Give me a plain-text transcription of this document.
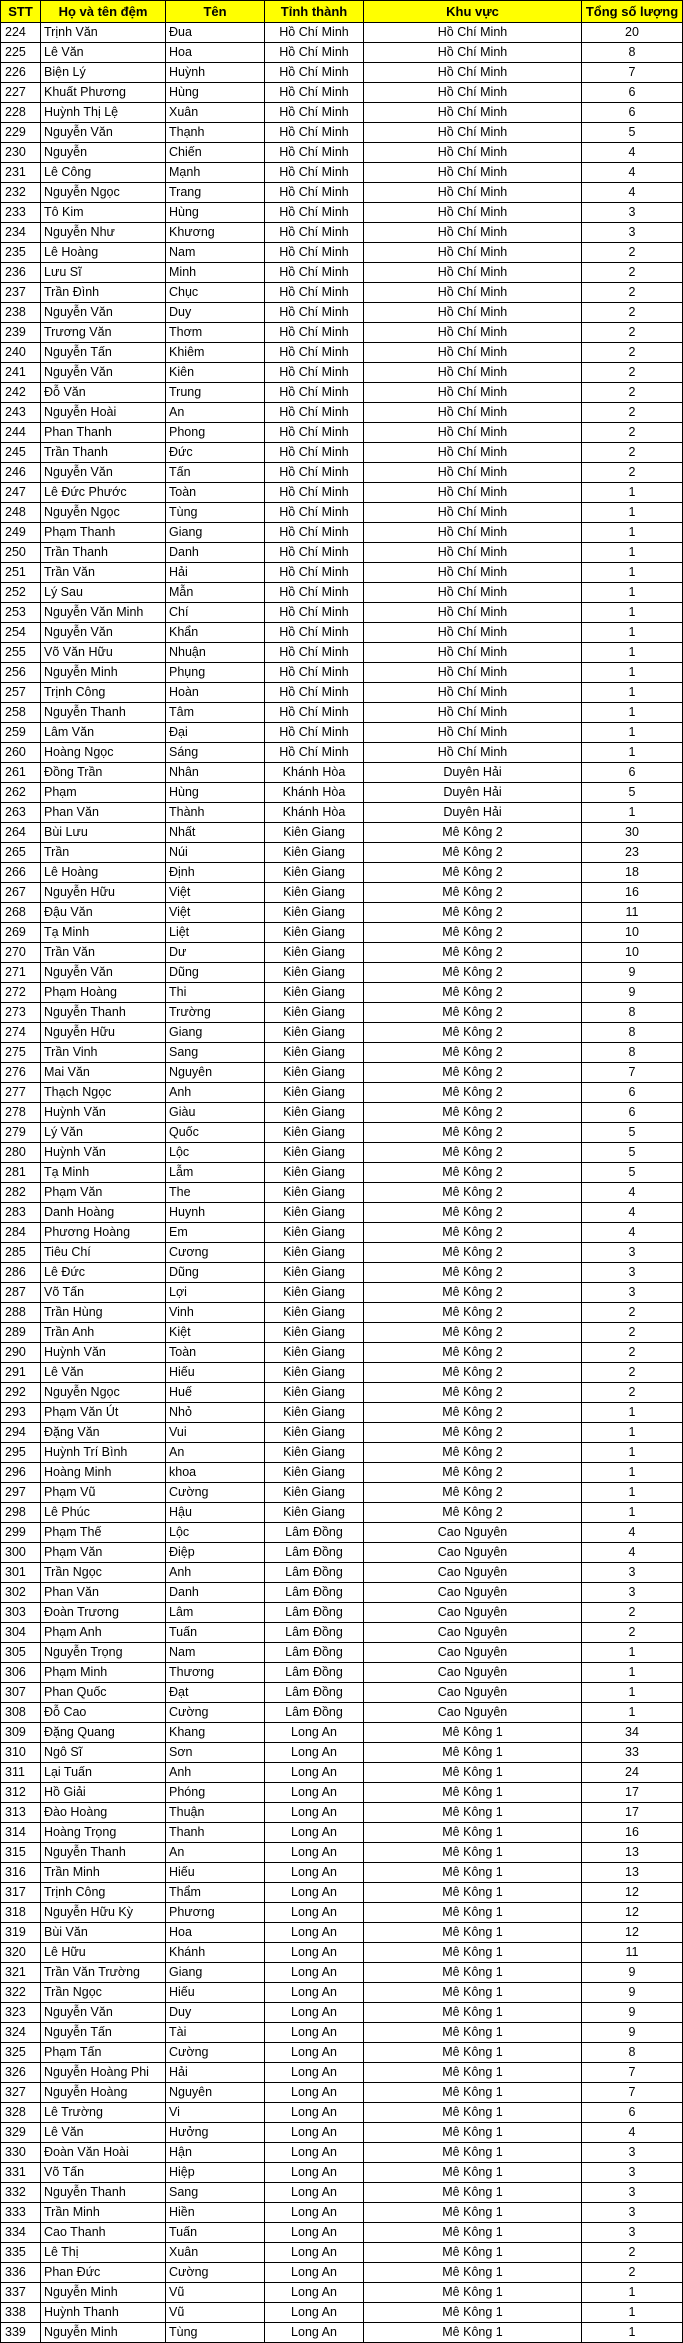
STT	Họ và tên đệm	Tên	Tỉnh thành	Khu vực	Tổng số lượng
224	Trịnh Văn	Đua	Hồ Chí Minh	Hồ Chí Minh	20
225	Lê Văn	Hoa	Hồ Chí Minh	Hồ Chí Minh	8
226	Biện Lý	Huỳnh	Hồ Chí Minh	Hồ Chí Minh	7
227	Khuất Phương	Hùng	Hồ Chí Minh	Hồ Chí Minh	6
228	Huỳnh Thị Lệ	Xuân	Hồ Chí Minh	Hồ Chí Minh	6
229	Nguyễn Văn	Thạnh	Hồ Chí Minh	Hồ Chí Minh	5
230	Nguyễn	Chiến	Hồ Chí Minh	Hồ Chí Minh	4
231	Lê Công	Mạnh	Hồ Chí Minh	Hồ Chí Minh	4
232	Nguyễn Ngọc	Trang	Hồ Chí Minh	Hồ Chí Minh	4
233	Tô Kim	Hùng	Hồ Chí Minh	Hồ Chí Minh	3
234	Nguyễn Như	Khương	Hồ Chí Minh	Hồ Chí Minh	3
235	Lê Hoàng	Nam	Hồ Chí Minh	Hồ Chí Minh	2
236	Lưu Sĩ	Minh	Hồ Chí Minh	Hồ Chí Minh	2
237	Trần Đình	Chục	Hồ Chí Minh	Hồ Chí Minh	2
238	Nguyễn Văn	Duy	Hồ Chí Minh	Hồ Chí Minh	2
239	Trương Văn	Thơm	Hồ Chí Minh	Hồ Chí Minh	2
240	Nguyễn Tấn	Khiêm	Hồ Chí Minh	Hồ Chí Minh	2
241	Nguyễn Văn	Kiên	Hồ Chí Minh	Hồ Chí Minh	2
242	Đỗ Văn	Trung	Hồ Chí Minh	Hồ Chí Minh	2
243	Nguyễn Hoài	An	Hồ Chí Minh	Hồ Chí Minh	2
244	Phan Thanh	Phong	Hồ Chí Minh	Hồ Chí Minh	2
245	Trần Thanh	Đức	Hồ Chí Minh	Hồ Chí Minh	2
246	Nguyễn Văn	Tấn	Hồ Chí Minh	Hồ Chí Minh	2
247	Lê Đức Phước	Toàn	Hồ Chí Minh	Hồ Chí Minh	1
248	Nguyễn Ngọc	Tùng	Hồ Chí Minh	Hồ Chí Minh	1
249	Phạm Thanh	Giang	Hồ Chí Minh	Hồ Chí Minh	1
250	Trần Thanh	Danh	Hồ Chí Minh	Hồ Chí Minh	1
251	Trần Văn	Hải	Hồ Chí Minh	Hồ Chí Minh	1
252	Lý Sau	Mẫn	Hồ Chí Minh	Hồ Chí Minh	1
253	Nguyễn Văn Minh	Chí	Hồ Chí Minh	Hồ Chí Minh	1
254	Nguyễn Văn	Khẩn	Hồ Chí Minh	Hồ Chí Minh	1
255	Võ Văn Hữu	Nhuận	Hồ Chí Minh	Hồ Chí Minh	1
256	Nguyễn Minh	Phụng	Hồ Chí Minh	Hồ Chí Minh	1
257	Trịnh Công	Hoàn	Hồ Chí Minh	Hồ Chí Minh	1
258	Nguyễn Thanh	Tâm	Hồ Chí Minh	Hồ Chí Minh	1
259	Lâm Văn	Đại	Hồ Chí Minh	Hồ Chí Minh	1
260	Hoàng Ngọc	Sáng	Hồ Chí Minh	Hồ Chí Minh	1
261	Đồng Trần	Nhân	Khánh Hòa	Duyên Hải	6
262	Phạm	Hùng	Khánh Hòa	Duyên Hải	5
263	Phan Văn	Thành	Khánh Hòa	Duyên Hải	1
264	Bùi Lưu	Nhất	Kiên Giang	Mê Kông 2	30
265	Trần	Núi	Kiên Giang	Mê Kông 2	23
266	Lê Hoàng	Định	Kiên Giang	Mê Kông 2	18
267	Nguyễn Hữu	Việt	Kiên Giang	Mê Kông 2	16
268	Đậu Văn	Việt	Kiên Giang	Mê Kông 2	11
269	Tạ Minh	Liệt	Kiên Giang	Mê Kông 2	10
270	Trần Văn	Dư	Kiên Giang	Mê Kông 2	10
271	Nguyễn Văn	Dũng	Kiên Giang	Mê Kông 2	9
272	Phạm Hoàng	Thi	Kiên Giang	Mê Kông 2	9
273	Nguyễn Thanh	Trường	Kiên Giang	Mê Kông 2	8
274	Nguyễn Hữu	Giang	Kiên Giang	Mê Kông 2	8
275	Trần Vinh	Sang	Kiên Giang	Mê Kông 2	8
276	Mai Văn	Nguyên	Kiên Giang	Mê Kông 2	7
277	Thạch Ngọc	Anh	Kiên Giang	Mê Kông 2	6
278	Huỳnh Văn	Giàu	Kiên Giang	Mê Kông 2	6
279	Lý Văn	Quốc	Kiên Giang	Mê Kông 2	5
280	Huỳnh Văn	Lộc	Kiên Giang	Mê Kông 2	5
281	Tạ Minh	Lẫm	Kiên Giang	Mê Kông 2	5
282	Phạm Văn	The	Kiên Giang	Mê Kông 2	4
283	Danh Hoàng	Huynh	Kiên Giang	Mê Kông 2	4
284	Phương Hoàng	Em	Kiên Giang	Mê Kông 2	4
285	Tiêu Chí	Cương	Kiên Giang	Mê Kông 2	3
286	Lê Đức	Dũng	Kiên Giang	Mê Kông 2	3
287	Võ Tấn	Lợi	Kiên Giang	Mê Kông 2	3
288	Trần Hùng	Vinh	Kiên Giang	Mê Kông 2	2
289	Trần Anh	Kiệt	Kiên Giang	Mê Kông 2	2
290	Huỳnh Văn	Toàn	Kiên Giang	Mê Kông 2	2
291	Lê Văn	Hiếu	Kiên Giang	Mê Kông 2	2
292	Nguyễn Ngọc	Huế	Kiên Giang	Mê Kông 2	2
293	Phạm Văn Út	Nhỏ	Kiên Giang	Mê Kông 2	1
294	Đặng Văn	Vui	Kiên Giang	Mê Kông 2	1
295	Huỳnh Trí Bình	An	Kiên Giang	Mê Kông 2	1
296	Hoàng Minh	khoa	Kiên Giang	Mê Kông 2	1
297	Phạm Vũ	Cường	Kiên Giang	Mê Kông 2	1
298	Lê Phúc	Hậu	Kiên Giang	Mê Kông 2	1
299	Phạm Thế	Lộc	Lâm Đồng	Cao Nguyên	4
300	Phạm Văn	Điệp	Lâm Đồng	Cao Nguyên	4
301	Trần Ngọc	Anh	Lâm Đồng	Cao Nguyên	3
302	Phan Văn	Danh	Lâm Đồng	Cao Nguyên	3
303	Đoàn Trương	Lâm	Lâm Đồng	Cao Nguyên	2
304	Phạm Anh	Tuấn	Lâm Đồng	Cao Nguyên	2
305	Nguyễn Trọng	Nam	Lâm Đồng	Cao Nguyên	1
306	Phạm Minh	Thương	Lâm Đồng	Cao Nguyên	1
307	Phan Quốc	Đạt	Lâm Đồng	Cao Nguyên	1
308	Đỗ Cao	Cường	Lâm Đồng	Cao Nguyên	1
309	Đặng Quang	Khang	Long An	Mê Kông 1	34
310	Ngô Sĩ	Sơn	Long An	Mê Kông 1	33
311	Lại Tuấn	Anh	Long An	Mê Kông 1	24
312	Hồ Giải	Phóng	Long An	Mê Kông 1	17
313	Đào Hoàng	Thuận	Long An	Mê Kông 1	17
314	Hoàng Trọng	Thanh	Long An	Mê Kông 1	16
315	Nguyễn Thanh	An	Long An	Mê Kông 1	13
316	Trần Minh	Hiếu	Long An	Mê Kông 1	13
317	Trịnh Công	Thẩm	Long An	Mê Kông 1	12
318	Nguyễn Hữu Kỳ	Phương	Long An	Mê Kông 1	12
319	Bùi Văn	Hoa	Long An	Mê Kông 1	12
320	Lê Hữu	Khánh	Long An	Mê Kông 1	11
321	Trần Văn Trường	Giang	Long An	Mê Kông 1	9
322	Trần Ngọc	Hiếu	Long An	Mê Kông 1	9
323	Nguyễn Văn	Duy	Long An	Mê Kông 1	9
324	Nguyễn Tấn	Tài	Long An	Mê Kông 1	9
325	Phạm Tấn	Cường	Long An	Mê Kông 1	8
326	Nguyễn Hoàng Phi	Hải	Long An	Mê Kông 1	7
327	Nguyễn Hoàng	Nguyên	Long An	Mê Kông 1	7
328	Lê Trường	Vi	Long An	Mê Kông 1	6
329	Lê Văn	Hưởng	Long An	Mê Kông 1	4
330	Đoàn Văn Hoài	Hận	Long An	Mê Kông 1	3
331	Võ Tấn	Hiệp	Long An	Mê Kông 1	3
332	Nguyễn Thanh	Sang	Long An	Mê Kông 1	3
333	Trần Minh	Hiền	Long An	Mê Kông 1	3
334	Cao Thanh	Tuấn	Long An	Mê Kông 1	3
335	Lê Thị	Xuân	Long An	Mê Kông 1	2
336	Phan Đức	Cường	Long An	Mê Kông 1	2
337	Nguyễn Minh	Vũ	Long An	Mê Kông 1	1
338	Huỳnh Thanh	Vũ	Long An	Mê Kông 1	1
339	Nguyễn Minh	Tùng	Long An	Mê Kông 1	1
